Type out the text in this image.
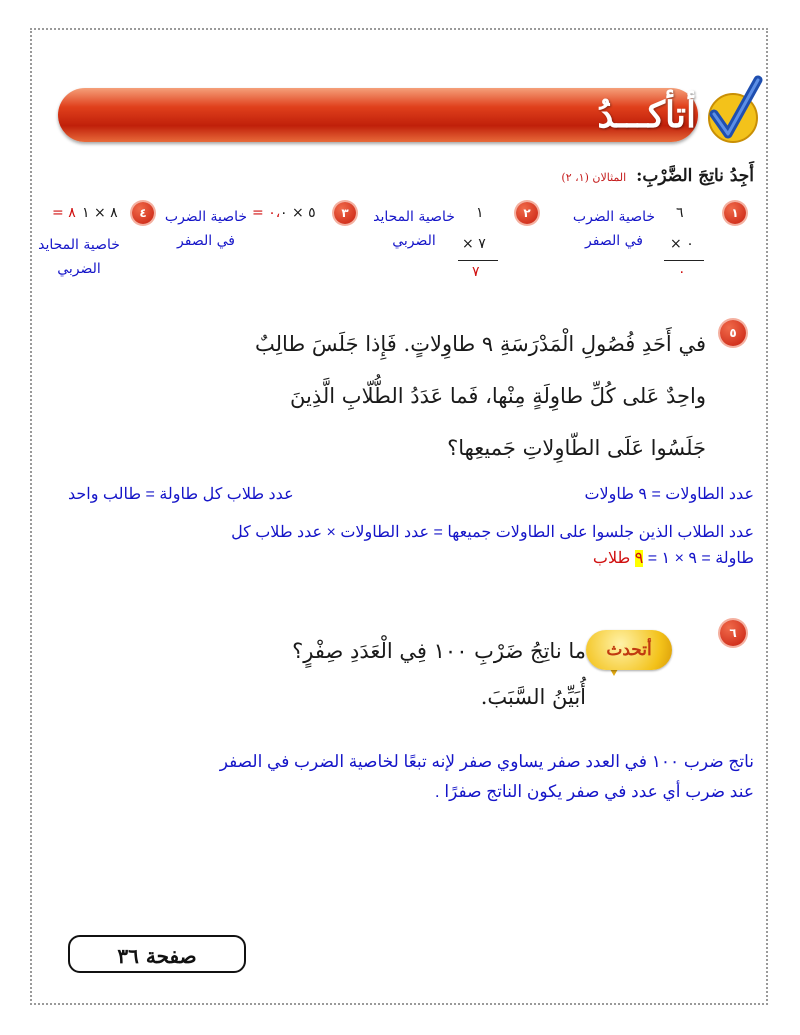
أتأكـــدُ
أَجِدُ ناتِجَ الضَّرْبِ: المثالان (١، ٢)
١
٦
٠ ×
٠
خاصية الضرب في الصفر
٢
١
٧ ×
٧
خاصية المحايد الضربي
٣
٥ × ٠
= ٠،
خاصية الضرب في الصفر
٤
٨ × ١
= ٨
خاصية المحايد الضربي
٥
في أَحَدِ فُصُولِ الْمَدْرَسَةِ ٩ طاوِلاتٍ. فَإِذا جَلَسَ طالِبٌ واحِدٌ عَلى كُلِّ طاوِلَةٍ مِنْها، فَما عَدَدُ الطُّلّابِ الَّذِينَ جَلَسُوا عَلَى الطّاوِلاتِ جَميعِها؟
عدد الطاولات = ٩ طاولات
عدد طلاب كل طاولة = طالب واحد
عدد الطلاب الذين جلسوا على الطاولات جميعها = عدد الطاولات × عدد طلاب كل
طاولة = ٩ × ١ = ٩ طلاب
٦
أتحدث
ما ناتِجُ ضَرْبِ ١٠٠ فِي الْعَدَدِ صِفْرٍ؟ أُبَيِّنُ السَّبَبَ.
ناتج ضرب ١٠٠ في العدد صفر يساوي صفر لإنه تبعًا لخاصية الضرب في الصفر
عند ضرب أي عدد في صفر يكون الناتج صفرًا .
صفحة ٣٦
